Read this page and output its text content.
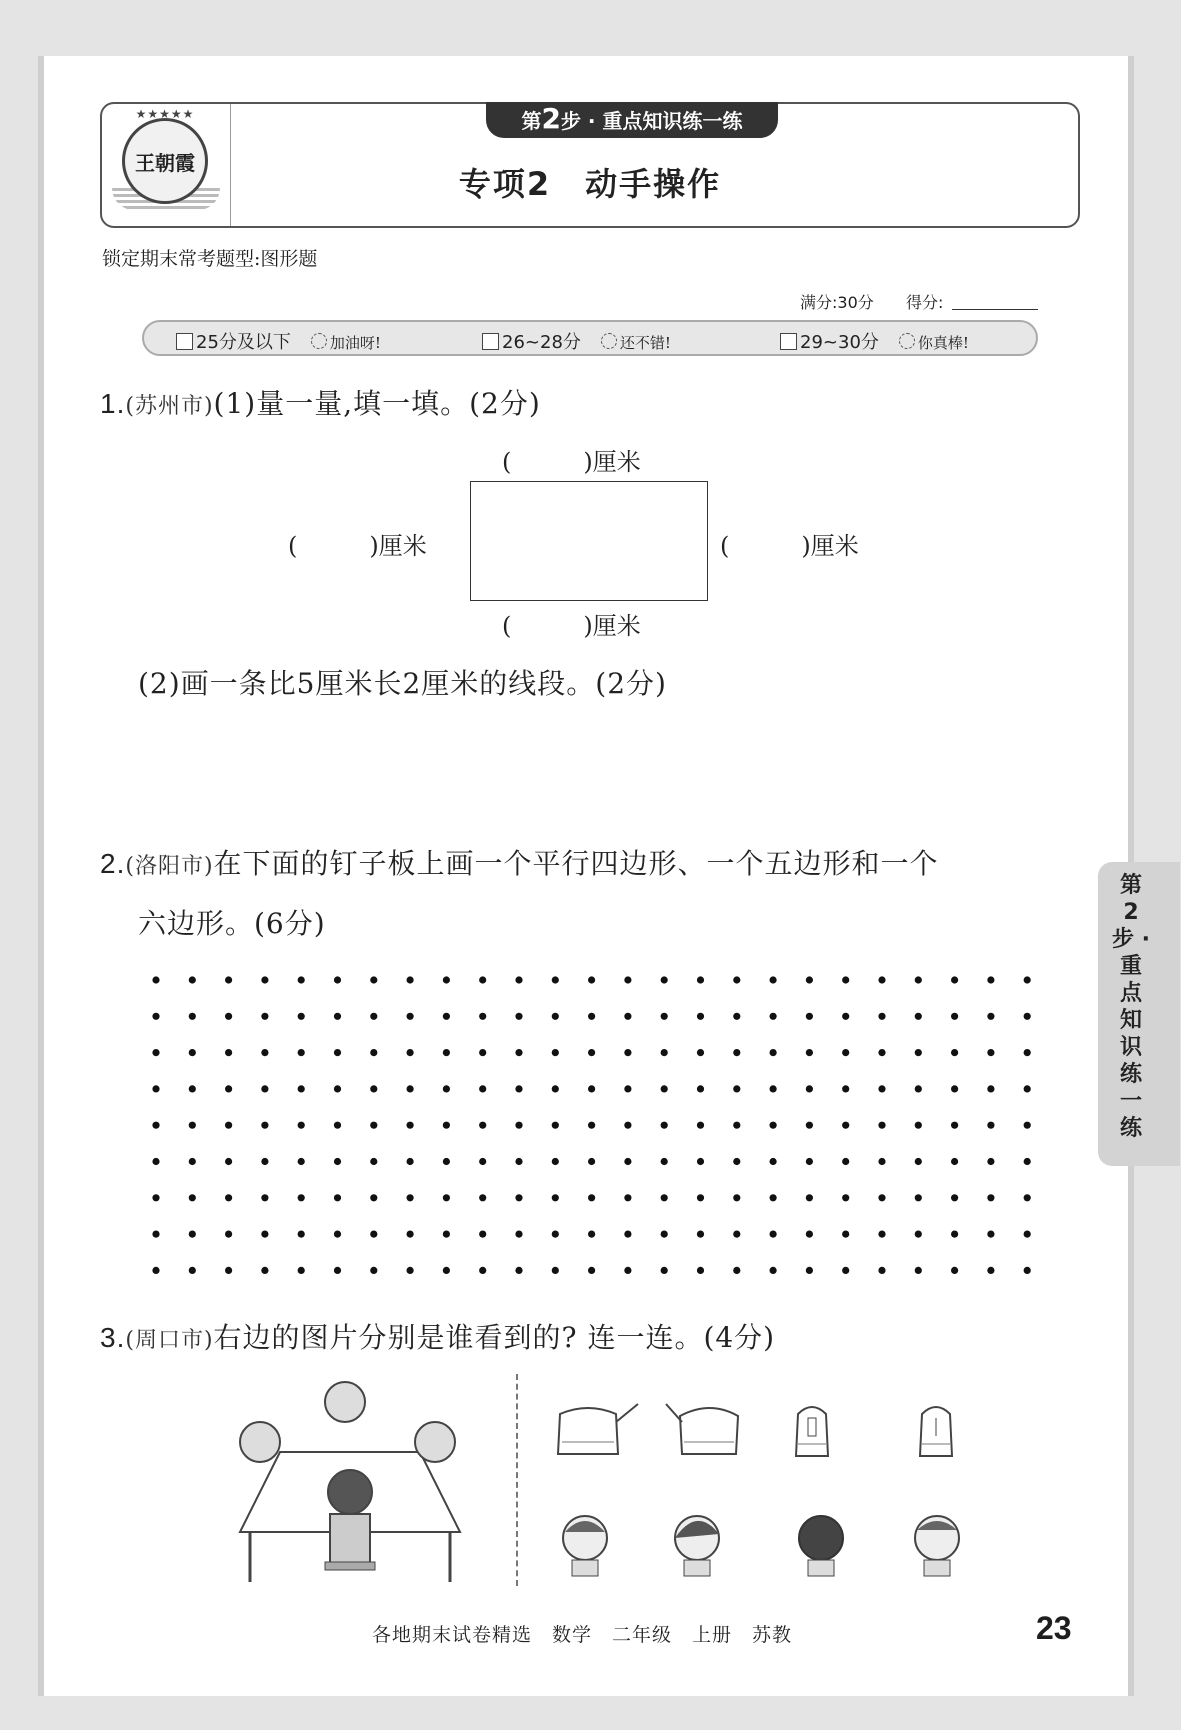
★★★★★
王朝霞
第2步 · 重点知识练一练
专项2　动手操作
锁定期末常考题型:图形题
满分:30分 得分:
25分及以下	加油呀!	26~28分	还不错!	29~30分	你真棒!
1.(苏州市)(1)量一量,填一填。(2分)
(　　　)厘米
(　　　)厘米	(　　　)厘米
(　　　)厘米
(2)画一条比5厘米长2厘米的线段。(2分)
2.(洛阳市)在下面的钉子板上画一个平行四边形、一个五边形和一个
六边形。(6分)
3.(周口市)右边的图片分别是谁看到的? 连一连。(4分)
第 2 步 · 重 点 知 识 练 一 练
各地期末试卷精选　数学　二年级　上册　苏教	23
